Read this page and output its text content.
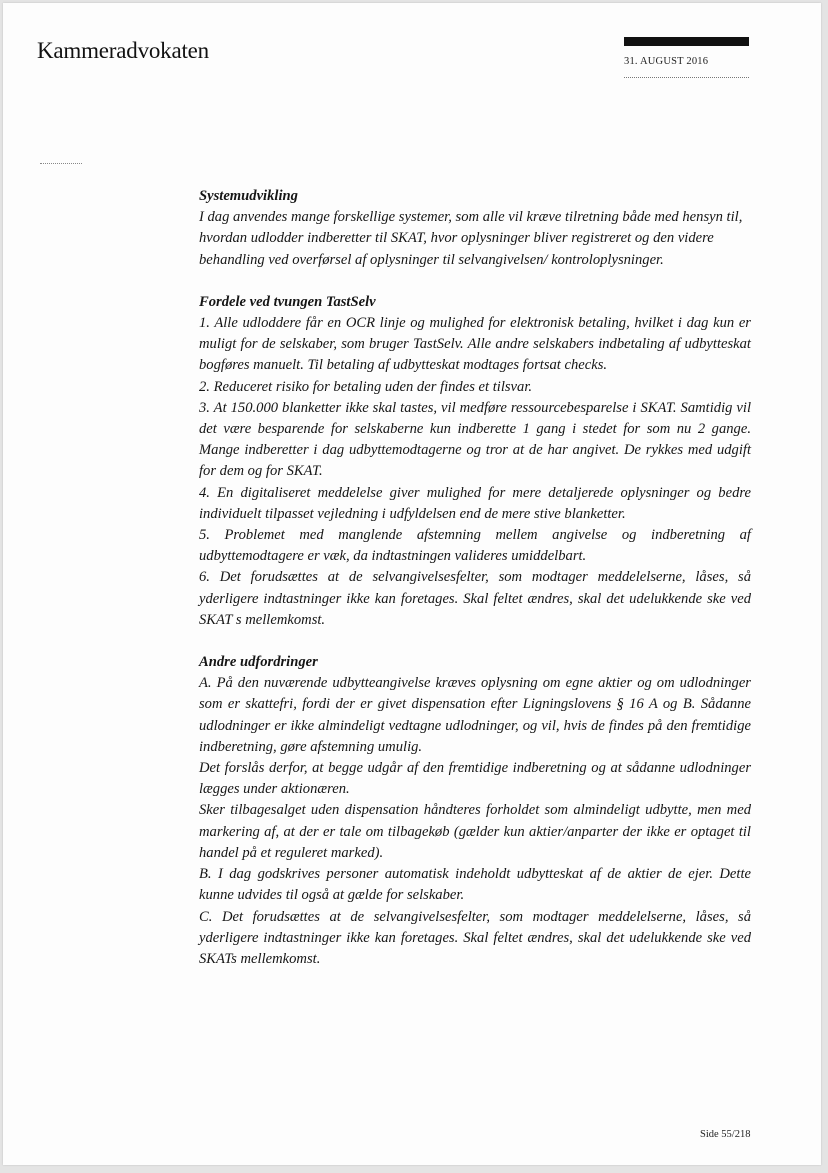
Kammeradvokaten	31. AUGUST 2016
Systemudvikling

I dag anvendes mange forskellige systemer, som alle vil kræve tilretning både med hensyn til, hvordan udlodder indberetter til SKAT, hvor oplysninger bliver registreret og den videre behandling ved overførsel af oplysninger til selvangivelsen/ kontroloplysninger.

Fordele ved tvungen TastSelv

1. Alle udloddere får en OCR linje og mulighed for elektronisk betaling, hvilket i dag kun er muligt for de selskaber, som bruger TastSelv. Alle andre selskabers indbetaling af udbytteskat bogføres manuelt. Til betaling af udbytteskat modtages fortsat checks.

2. Reduceret risiko for betaling uden der findes et tilsvar.

3. At 150.000 blanketter ikke skal tastes, vil medføre ressourcebesparelse i SKAT. Samtidig vil det være besparende for selskaberne kun indberette 1 gang i stedet for som nu 2 gange. Mange indberetter i dag udbyttemodtagerne og tror at de har angivet. De rykkes med udgift for dem og for SKAT.

4. En digitaliseret meddelelse giver mulighed for mere detaljerede oplysninger og bedre individuelt tilpasset vejledning i udfyldelsen end de mere stive blanketter.

5. Problemet med manglende afstemning mellem angivelse og indberetning af udbyttemodtagere er væk, da indtastningen valideres umiddelbart.

6. Det forudsættes at de selvangivelsesfelter, som modtager meddelelserne, låses, så yderligere indtastninger ikke kan foretages. Skal feltet ændres, skal det udelukkende ske ved SKAT s mellemkomst.

Andre udfordringer

A. På den nuværende udbytteangivelse kræves oplysning om egne aktier og om udlodninger som er skattefri, fordi der er givet dispensation efter Ligningslovens § 16 A og B. Sådanne udlodninger er ikke almindeligt vedtagne udlodninger, og vil, hvis de findes på den fremtidige indberetning, gøre afstemning umulig.

Det forslås derfor, at begge udgår af den fremtidige indberetning og at sådanne udlodninger lægges under aktionæren.

Sker tilbagesalget uden dispensation håndteres forholdet som almindeligt udbytte, men med markering af, at der er tale om tilbagekøb (gælder kun aktier/anparter der ikke er optaget til handel på et reguleret marked).

B. I dag godskrives personer automatisk indeholdt udbytteskat af de aktier de ejer. Dette kunne udvides til også at gælde for selskaber.

C. Det forudsættes at de selvangivelsesfelter, som modtager meddelelserne, låses, så yderligere indtastninger ikke kan foretages. Skal feltet ændres, skal det udelukkende ske ved SKATs mellemkomst.

Side 55/218
